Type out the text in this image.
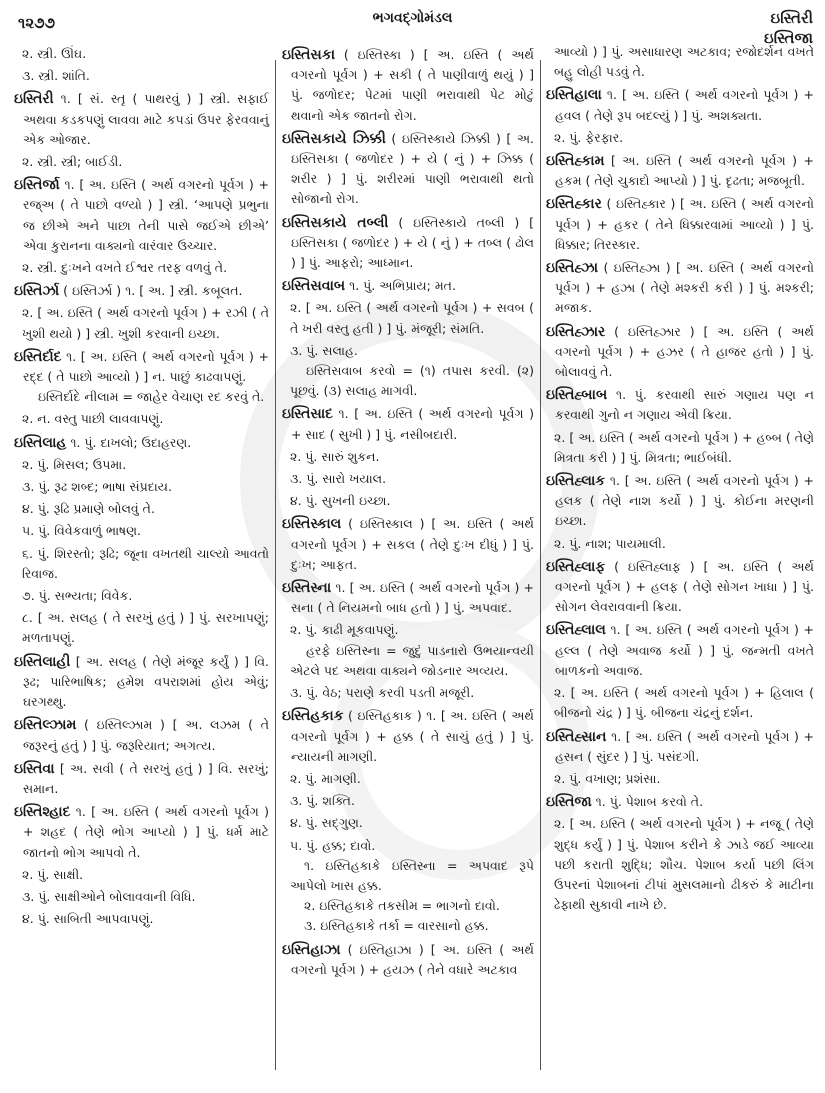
૧૨૭૭	ભગવદ્ગોમંડલ	ઇસ્તિરી
ઇસ્તિજા

૨. સ્ત્રી. ઊંઘ.

૩. સ્ત્રી. શાંતિ.

ઇસ્તિરી ૧. [ સં. સ્તૃ ( પાથરવું ) ] સ્ત્રી. સફાઈ અથવા કડકપણું લાવવા માટે કપડાં ઉપર ફેરવવાનું એક ઓજાર.

૨. સ્ત્રી. સ્ત્રી; બાઈડી.

ઇસ્તિર્જા ૧. [ અ. ઇસ્તિ ( અર્થ વગરનો પૂર્વગ ) + રજ્અ ( તે પાછો વળ્યો ) ] સ્ત્રી. ‘આપણે પ્રભુના જ છીએ અને પાછા તેની પાસે જઈએ છીએ’ એવા કુરાનના વાક્યનો વારંવાર ઉચ્ચાર.

૨. સ્ત્રી. દુઃખને વખતે ઈશ્વર તરફ વળવું તે.

ઇસ્તિર્ઝા ( ઇસ્તિર્ઝા ) ૧. [ અ. ] સ્ત્રી. કબૂલત.

૨. [ અ. ઇસ્તિ ( અર્થ વગરનો પૂર્વગ ) + રઝી ( તે ખુશી થયો ) ] સ્ત્રી. ખુશી કરવાની ઇચ્છા.

ઇસ્તિર્દાદ ૧. [ અ. ઇસ્તિ ( અર્થ વગરનો પૂર્વગ ) + રદ્દ ( તે પાછો આવ્યો ) ] ન. પાછું કાઢવાપણું.

ઇસ્તિર્દાદે નીલામ = જાહેર વેચાણ રદ કરવું તે.

૨. ન. વસ્તુ પાછી લાવવાપણું.

ઇસ્તિલાહ ૧. પું. દાખલો; ઉદાહરણ.

૨. પું. મિસલ; ઉપમા.

૩. પું. રૂઢ શબ્દ; ભાષા સંપ્રદાય.

૪. પું. રૂઢિ પ્રમાણે બોલવું તે.

૫. પું. વિવેકવાળું ભાષણ.

૬. પું. શિરસ્તો; રૂઢિ; જૂના વખતથી ચાલ્યો આવતો રિવાજ.

૭. પું. સભ્યતા; વિવેક.

૮. [ અ. સલહ ( તે સરખું હતું ) ] પું. સરખાપણું; મળતાપણું.

ઇસ્તિલાહી [ અ. સલહ ( તેણે મંજૂર કર્યું ) ] વિ. રૂઢ; પારિભાષિક; હમેશ વપરાશમાં હોય એવું; ઘરગથ્થુ.

ઇસ્તિલ્ઝામ ( ઇસ્તિલ્ઝામ ) [ અ. લઝમ ( તે જરૂરનું હતું ) ] પું. જરૂરિયાત; અગત્ય.

ઇસ્તિવા [ અ. સવી ( તે સરખું હતું ) ] વિ. સરખું; સમાન.

ઇસ્તિશ્હાદ ૧. [ અ. ઇસ્તિ ( અર્થ વગરનો પૂર્વગ ) + શહદ ( તેણે ભોગ આપ્યો ) ] પું. ધર્મ માટે જાતનો ભોગ આપવો તે.

૨. પું. સાક્ષી.

૩. પું. સાક્ષીઓને બોલાવવાની વિધિ.

૪. પું. સાબિતી આપવાપણું.

ઇસ્તિસકા ( ઇસ્તિસ્કા ) [ અ. ઇસ્તિ ( અર્થ વગરનો પૂર્વગ ) + સકી ( તે પાણીવાળું થયું ) ] પું. જળોદર; પેટમાં પાણી ભરાવાથી પેટ મોટું થવાનો એક જાતનો રોગ.

ઇસ્તિસકાયે ઝિક્કી ( ઇસ્તિસ્કાયે ઝિક્કી ) [ અ. ઇસ્તિસકા ( જળોદર ) + યે ( નું ) + ઝિક્ક ( શરીર ) ] પું. શરીરમાં પાણી ભરાવાથી થતો સોજાનો રોગ.

ઇસ્તિસકાયે તબ્લી ( ઇસ્તિસ્કાયે તબ્લી ) [ ઇસ્તિસકા ( જળોદર ) + યે ( નું ) + તબ્લ ( ઢોલ ) ] પું. આફરો; આધ્માન.

ઇસ્તિસવાબ ૧. પું. અભિપ્રાય; મત.

૨. [ અ. ઇસ્તિ ( અર્થ વગરનો પૂર્વગ ) + સવબ ( તે ખરી વસ્તુ હતી ) ] પું. મંજૂરી; સંમતિ.

૩. પું. સલાહ.

ઇસ્તિસવાબ કરવો = (૧) તપાસ કરવી. (૨) પૂછવું. (૩) સલાહ માગવી.

ઇસ્તિસાદ ૧. [ અ. ઇસ્તિ ( અર્થ વગરનો પૂર્વગ ) + સાદ ( સુખી ) ] પું. નસીબદારી.

૨. પું. સારું શુકન.

૩. પું. સારો ખયાલ.

૪. પું. સુખની ઇચ્છા.

ઇસ્તિસ્કાલ ( ઇસ્તિસ્કાલ ) [ અ. ઇસ્તિ ( અર્થ વગરનો પૂર્વગ ) + સકલ ( તેણે દુઃખ દીધું ) ] પું. દુઃખ; આફત.

ઇસ્તિસ્ના ૧. [ અ. ઇસ્તિ ( અર્થ વગરનો પૂર્વગ ) + સના ( તે નિયમનો બાધ હતો ) ] પું. અપવાદ.

૨. પું. કાઢી મૂકવાપણું.

હરફે ઇસ્તિસ્ના = જુદું પાડનારો ઉભયાન્વયી એટલે પદ અથવા વાક્યને જોડનાર અવ્યય.

૩. પું. વેઠ; પરાણે કરવી પડતી મજૂરી.

ઇસ્તિહકાક ( ઇસ્તિહકાક ) ૧. [ અ. ઇસ્તિ ( અર્થ વગરનો પૂર્વગ ) + હક્ક ( તે સાચું હતું ) ] પું. ન્યાયની માગણી.

૨. પું. માગણી.

૩. પું. શક્તિ.

૪. પું. સદ્ગુણ.

૫. પું. હક્ક; દાવો.

૧. ઇસ્તિહકાકે ઇસ્તિસ્ના = અપવાદ રૂપે આપેલો ખાસ હક્ક.

૨. ઇસ્તિહકાકે તકસીમ = ભાગનો દાવો.

૩. ઇસ્તિહકાકે તર્કા = વારસાનો હક્ક.

ઇસ્તિહાઝા ( ઇસ્તિહાઝા ) [ અ. ઇસ્તિ ( અર્થ વગરનો પૂર્વગ ) + હયઝ ( તેને વધારે અટકાવ

આવ્યો ) ] પું. અસાધારણ અટકાવ; રજોદર્શન વખતે બહુ લોહી પડવું તે.

ઇસ્તિહાલા ૧. [ અ. ઇસ્તિ ( અર્થ વગરનો પૂર્વગ ) + હવલ ( તેણે રૂપ બદલ્યું ) ] પું. અશક્યતા.

૨. પું. ફેરફાર.

ઇસ્તિહ્કામ [ અ. ઇસ્તિ ( અર્થ વગરનો પૂર્વગ ) + હકમ ( તેણે ચુકાદો આપ્યો ) ] પું. દૃઢતા; મજબૂતી.

ઇસ્તિહ્કાર ( ઇસ્તિહ્કાર ) [ અ. ઇસ્તિ ( અર્થ વગરનો પૂર્વગ ) + હકર ( તેને ધિક્કારવામાં આવ્યો ) ] પું. ધિક્કાર; તિરસ્કાર.

ઇસ્તિહ્ઝા ( ઇસ્તિહ્ઝા ) [ અ. ઇસ્તિ ( અર્થ વગરનો પૂર્વગ ) + હઝા ( તેણે મશ્કરી કરી ) ] પું. મશ્કરી; મજાક.

ઇસ્તિહ્ઝાર ( ઇસ્તિહ્ઝાર ) [ અ. ઇસ્તિ ( અર્થ વગરનો પૂર્વગ ) + હઝર ( તે હાજર હતો ) ] પું. બોલાવવું તે.

ઇસ્તિહ્બાબ ૧. પું. કરવાથી સારું ગણાય પણ ન કરવાથી ગુનો ન ગણાય એવી ક્રિયા.

૨. [ અ. ઇસ્તિ ( અર્થ વગરનો પૂર્વગ ) + હબ્બ ( તેણે મિત્રતા કરી ) ] પું. મિત્રતા; ભાઈબંધી.

ઇસ્તિહ્લાક ૧. [ અ. ઇસ્તિ ( અર્થ વગરનો પૂર્વગ ) + હલક ( તેણે નાશ કર્યો ) ] પું. કોઈના મરણની ઇચ્છા.

૨. પું. નાશ; પાયમાલી.

ઇસ્તિહ્લાફ ( ઇસ્તિહ્લાફ ) [ અ. ઇસ્તિ ( અર્થ વગરનો પૂર્વગ ) + હલફ ( તેણે સોગન ખાધા ) ] પું. સોગન લેવરાવવાની ક્રિયા.

ઇસ્તિહ્લાલ ૧. [ અ. ઇસ્તિ ( અર્થ વગરનો પૂર્વગ ) + હલ્લ ( તેણે અવાજ કર્યો ) ] પું. જન્મતી વખતે બાળકનો અવાજ.

૨. [ અ. ઇસ્તિ ( અર્થ વગરનો પૂર્વગ ) + હિલાલ ( બીજનો ચંદ્ર ) ] પું. બીજના ચંદ્રનું દર્શન.

ઇસ્તિહ્સાન ૧. [ અ. ઇસ્તિ ( અર્થ વગરનો પૂર્વગ ) + હસન ( સુંદર ) ] પું. પસંદગી.

૨. પું. વખાણ; પ્રશંસા.

ઇસ્તિજા ૧. પું. પેશાબ કરવો તે.

૨. [ અ. ઇસ્તિ ( અર્થ વગરનો પૂર્વગ ) + નજૂ ( તેણે શુદ્ધ કર્યું ) ] પું. પેશાબ કરીને કે ઝાડે જઈ આવ્યા પછી કરાતી શુદ્ધિ; શૌચ. પેશાબ કર્યા પછી લિંગ ઉપરનાં પેશાબનાં ટીપાં મુસલમાનો ઢીકરું કે માટીના ઢેફાથી સુકાવી નાખે છે.
